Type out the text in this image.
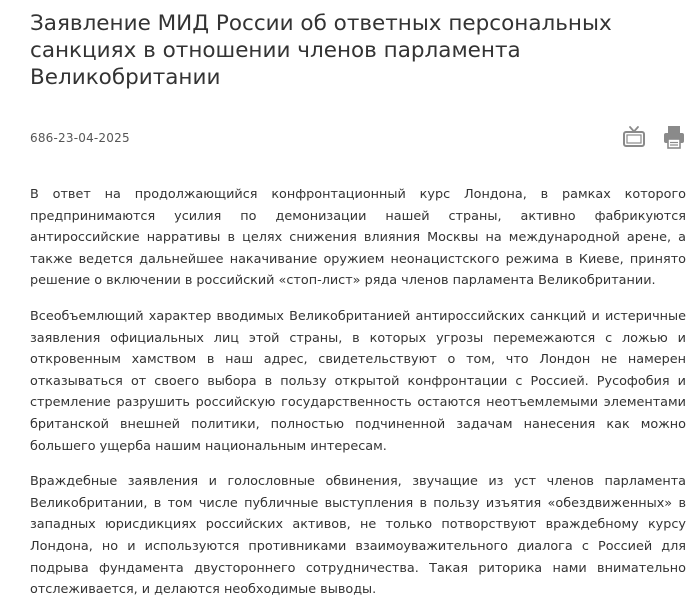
Заявление МИД России об ответных персональных санкциях в отношении членов парламента Великобритании
686-23-04-2025

В ответ на продолжающийся конфронтационный курс Лондона, в рамках которого предпринимаются усилия по демонизации нашей страны, активно фабрикуются антироссийские нарративы в целях снижения влияния Москвы на международной арене, а также ведется дальнейшее накачивание оружием неонацистского режима в Киеве, принято решение о включении в российский «стоп-лист» ряда членов парламента Великобритании.

Всеобъемлющий характер вводимых Великобританией антироссийских санкций и истеричные заявления официальных лиц этой страны, в которых угрозы перемежаются с ложью и откровенным хамством в наш адрес, свидетельствуют о том, что Лондон не намерен отказываться от своего выбора в пользу открытой конфронтации с Россией. Русофобия и стремление разрушить российскую государственность остаются неотъемлемыми элементами британской внешней политики, полностью подчиненной задачам нанесения как можно большего ущерба нашим национальным интересам.

Враждебные заявления и голословные обвинения, звучащие из уст членов парламента Великобритании, в том числе публичные выступления в пользу изъятия «обездвиженных» в западных юрисдикциях российских активов, не только потворствуют враждебному курсу Лондона, но и используются противниками взаимоуважительного диалога с Россией для подрыва фундамента двустороннего сотрудничества. Такая риторика нами внимательно отслеживается, и делаются необходимые выводы.
